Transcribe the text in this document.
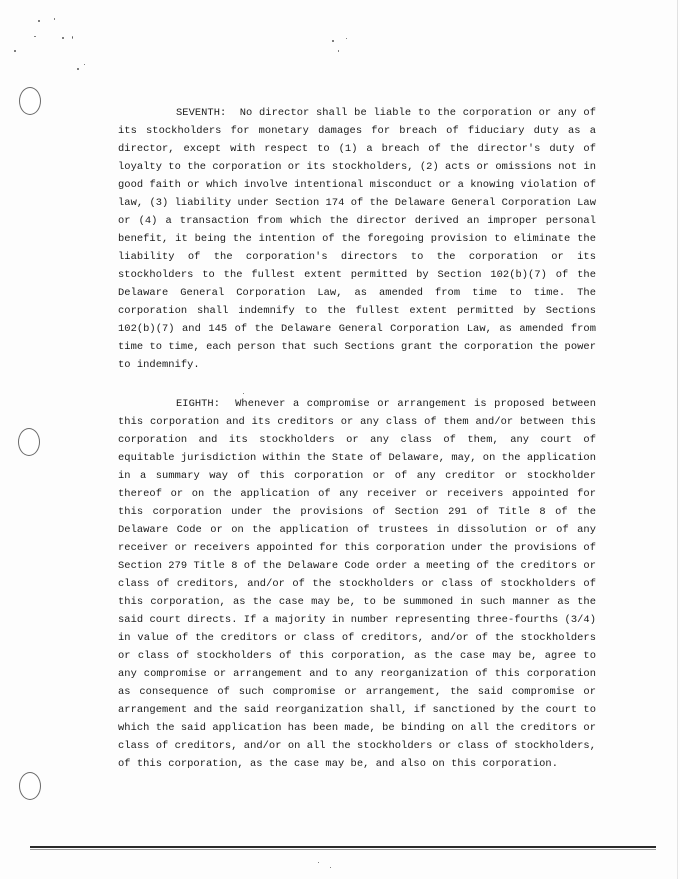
SEVENTH: No director shall be liable to the corporation or any of its stockholders for monetary damages for breach of fiduciary duty as a director, except with respect to (1) a breach of the director's duty of loyalty to the corporation or its stockholders, (2) acts or omissions not in good faith or which involve intentional misconduct or a knowing violation of law, (3) liability under Section 174 of the Delaware General Corporation Law or (4) a transaction from which the director derived an improper personal benefit, it being the intention of the foregoing provision to eliminate the liability of the corporation's directors to the corporation or its stockholders to the fullest extent permitted by Section 102(b)(7) of the Delaware General Corporation Law, as amended from time to time. The corporation shall indemnify to the fullest extent permitted by Sections 102(b)(7) and 145 of the Delaware General Corporation Law, as amended from time to time, each person that such Sections grant the corporation the power to indemnify.
EIGHTH: Whenever a compromise or arrangement is proposed between this corporation and its creditors or any class of them and/or between this corporation and its stockholders or any class of them, any court of equitable jurisdiction within the State of Delaware, may, on the application in a summary way of this corporation or of any creditor or stockholder thereof or on the application of any receiver or receivers appointed for this corporation under the provisions of Section 291 of Title 8 of the Delaware Code or on the application of trustees in dissolution or of any receiver or receivers appointed for this corporation under the provisions of Section 279 Title 8 of the Delaware Code order a meeting of the creditors or class of creditors, and/or of the stockholders or class of stockholders of this corporation, as the case may be, to be summoned in such manner as the said court directs. If a majority in number representing three-fourths (3/4) in value of the creditors or class of creditors, and/or of the stockholders or class of stockholders of this corporation, as the case may be, agree to any compromise or arrangement and to any reorganization of this corporation as consequence of such compromise or arrangement, the said compromise or arrangement and the said reorganization shall, if sanctioned by the court to which the said application has been made, be binding on all the creditors or class of creditors, and/or on all the stockholders or class of stockholders, of this corporation, as the case may be, and also on this corporation.
